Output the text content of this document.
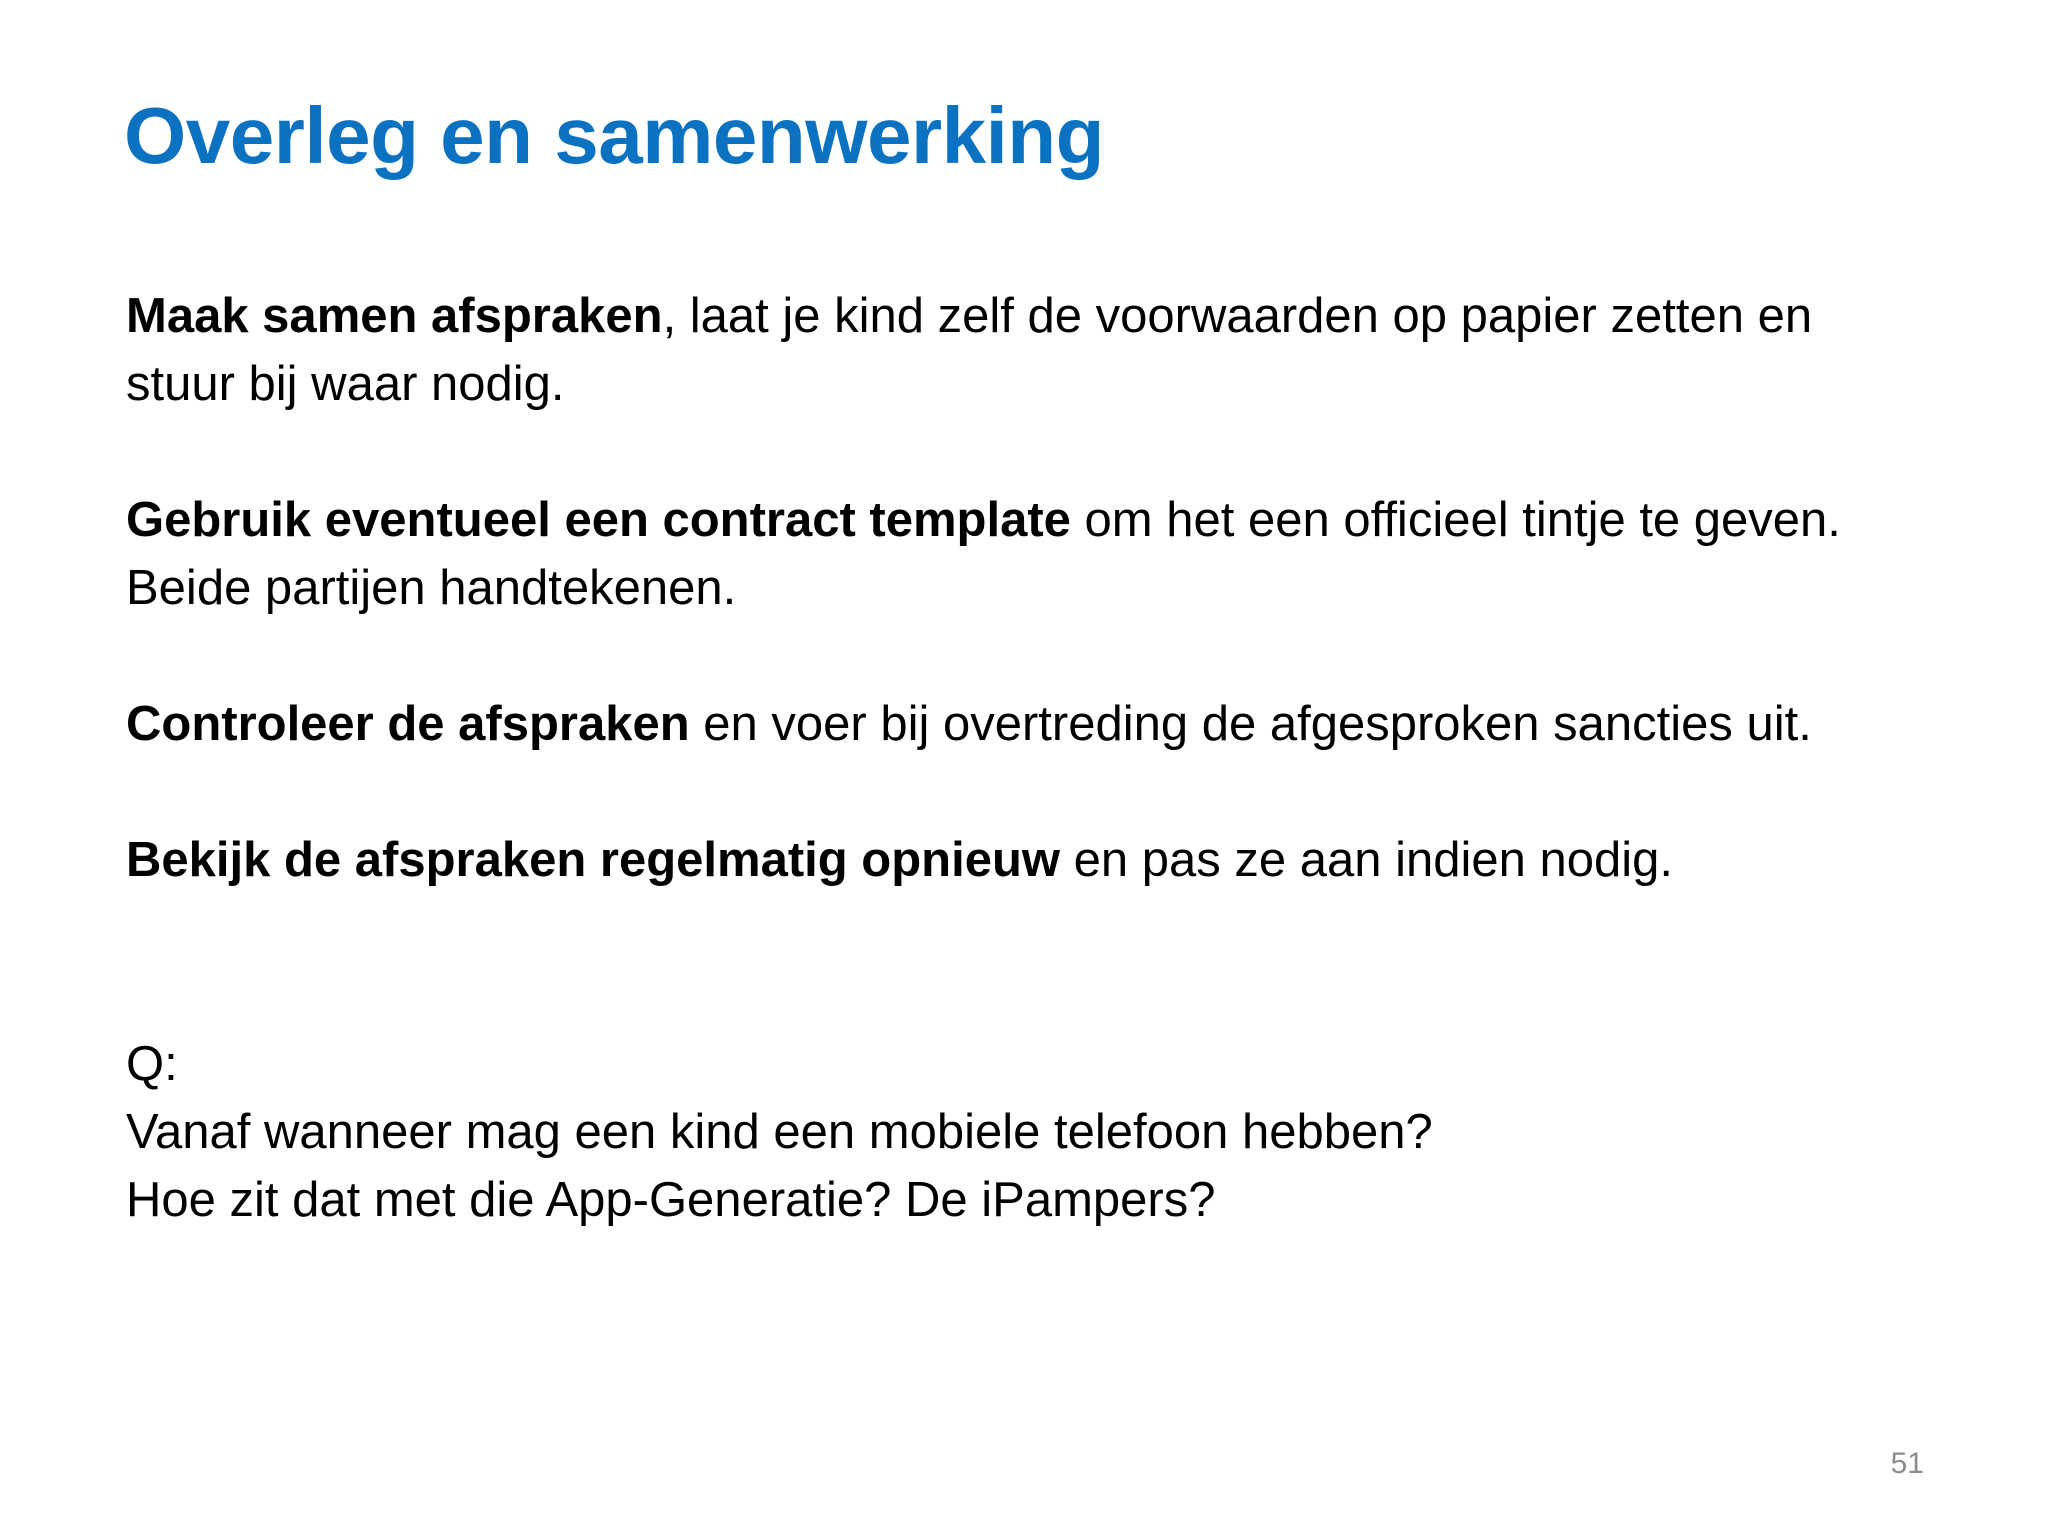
Overleg en samenwerking

Maak samen afspraken, laat je kind zelf de voorwaarden op papier zetten en stuur bij waar nodig.

Gebruik eventueel een contract template om het een officieel tintje te geven. Beide partijen handtekenen.

Controleer de afspraken en voer bij overtreding de afgesproken sancties uit.

Bekijk de afspraken regelmatig opnieuw en pas ze aan indien nodig.

Q:
Vanaf wanneer mag een kind een mobiele telefoon hebben?
Hoe zit dat met die App-Generatie? De iPampers?
51
